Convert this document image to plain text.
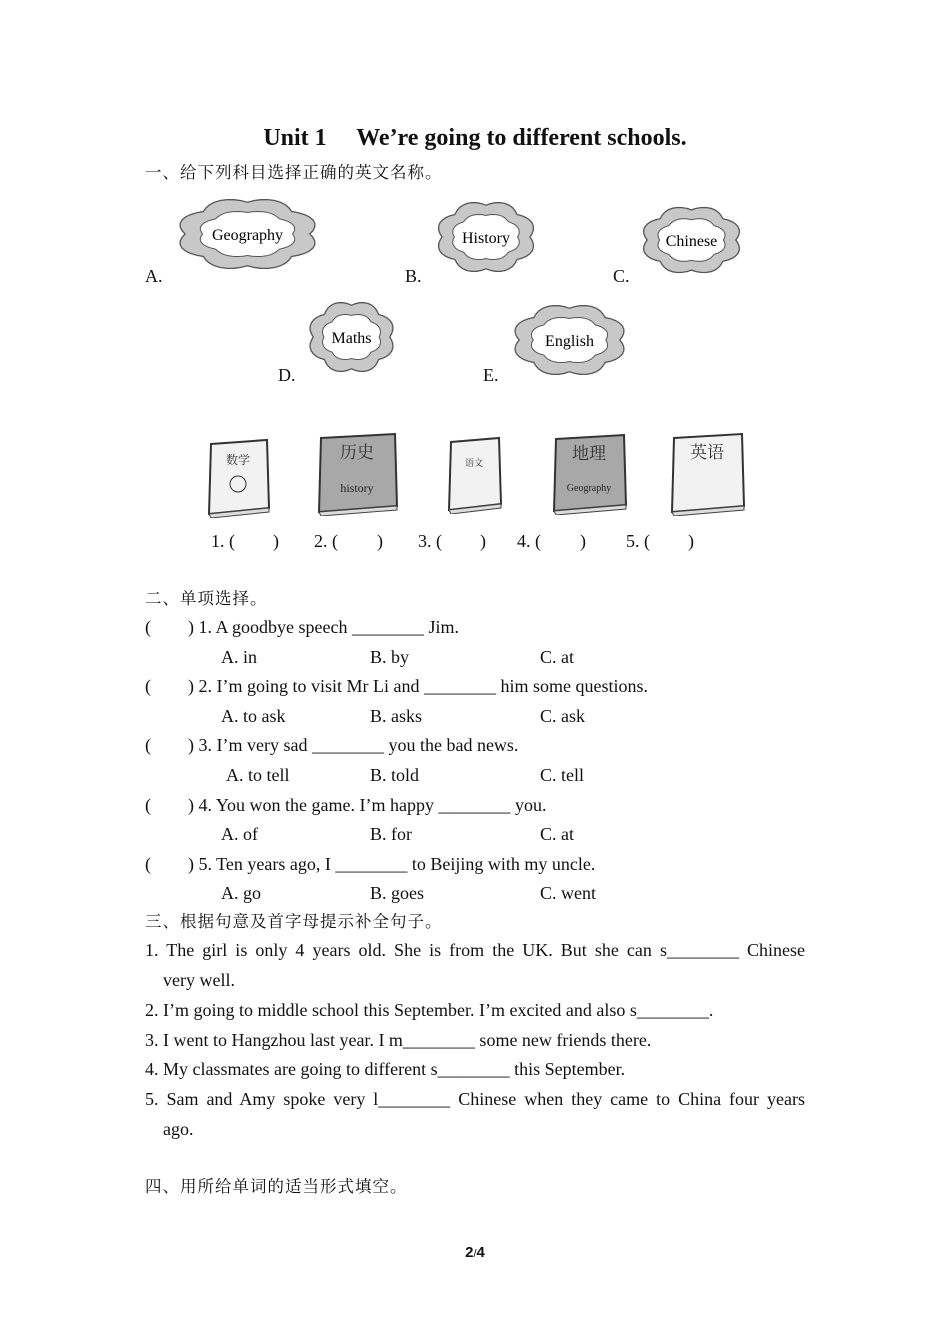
Unit 1     We’re going to different schools.
一、给下列科目选择正确的英文名称。
Geography	History	Chinese
Maths	English
A.	B.	C.
D.	E.
数学	历史
history
语文	地理
Geography
英语
1. ( ) 2. ( ) 3. ( ) 4. ( ) 5. ( )
二、单项选择。
( ) 1. A goodbye speech ________ Jim.
A. in	B. by	C. at
( ) 2. I’m going to visit Mr Li and ________ him some questions.
A. to ask	B. asks	C. ask
( ) 3. I’m very sad ________ you the bad news.
A. to tell	B. told	C. tell
( ) 4. You won the game. I’m happy ________ you.
A. of	B. for	C. at
( ) 5. Ten years ago, I ________ to Beijing with my uncle.
A. go	B. goes	C. went
三、根据句意及首字母提示补全句子。
1. The girl is only 4 years old. She is from the UK. But she can s________ Chinese
very well.
2. I’m going to middle school this September. I’m excited and also s________.
3. I went to Hangzhou last year. I m________ some new friends there.
4. My classmates are going to different s________ this September.
5. Sam and Amy spoke very l________ Chinese when they came to China four years
ago.
四、用所给单词的适当形式填空。
2/4
